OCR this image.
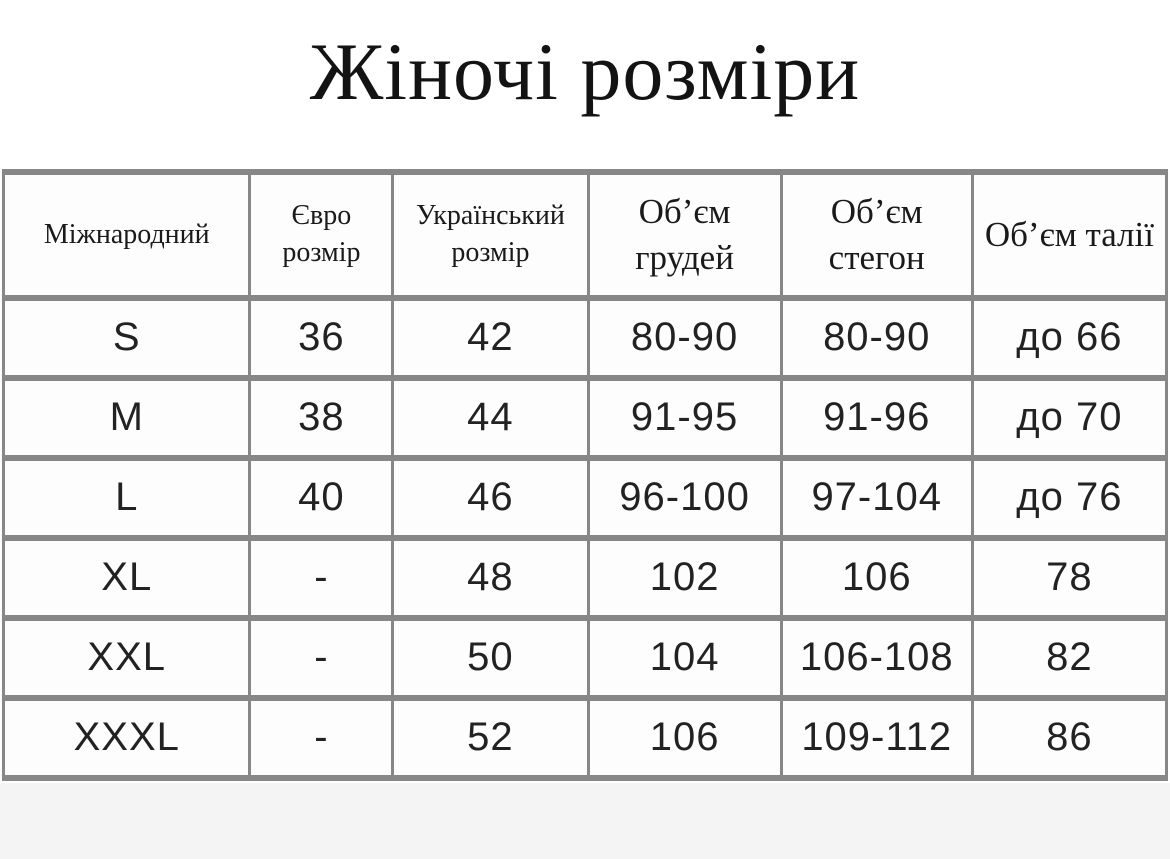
Жіночі розміри
Міжнародний	Євро розмір	Український розмір	Об’єм грудей	Об’єм стегон	Об’єм талії
S	36	42	80-90	80-90	до 66
M	38	44	91-95	91-96	до 70
L	40	46	96-100	97-104	до 76
XL	-	48	102	106	78
XXL	-	50	104	106-108	82
XXXL	-	52	106	109-112	86
